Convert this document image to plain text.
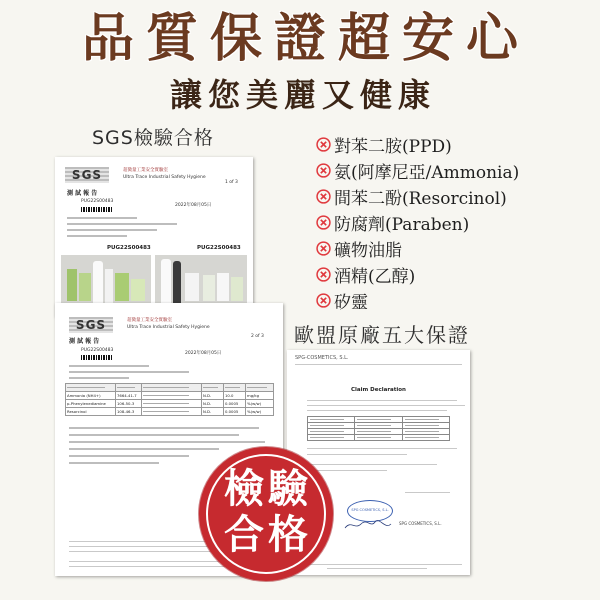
品質保證超安心
讓您美麗又健康
SGS檢驗合格	對苯二胺(PPD)
氨(阿摩尼亞/Ammonia)
間苯二酚(Resorcinol)
防腐劑(Paraben)
礦物油脂
酒精(乙醇)
矽靈
歐盟原廠五大保證
SGS	超微量工業安全實驗室
Ultra Trace Industrial Safety Hygiene
1 of 3
測 試 報 告
PUG22S00483
2022年08月05日
PUG22S00483	PUG22S00483
SGS	超微量工業安全實驗室
Ultra Trace Industrial Safety Hygiene
2 of 3
測 試 報 告
PUG22S00483
2022年08月05日

Ammonia (NH4+)	7664-41-7		N.D.	10.0	mg/kg
p-Phenylenediamine	106-50-3		N.D.	0.0005	%(w/w)
Resorcinol	108-46-3		N.D.	0.0005	%(w/w)
SPG-COSMETICS, S.L.
Claim Declaration

SPG COSMETICS, S.L.
SPG COSMETICS, S.L.
檢驗
合格
